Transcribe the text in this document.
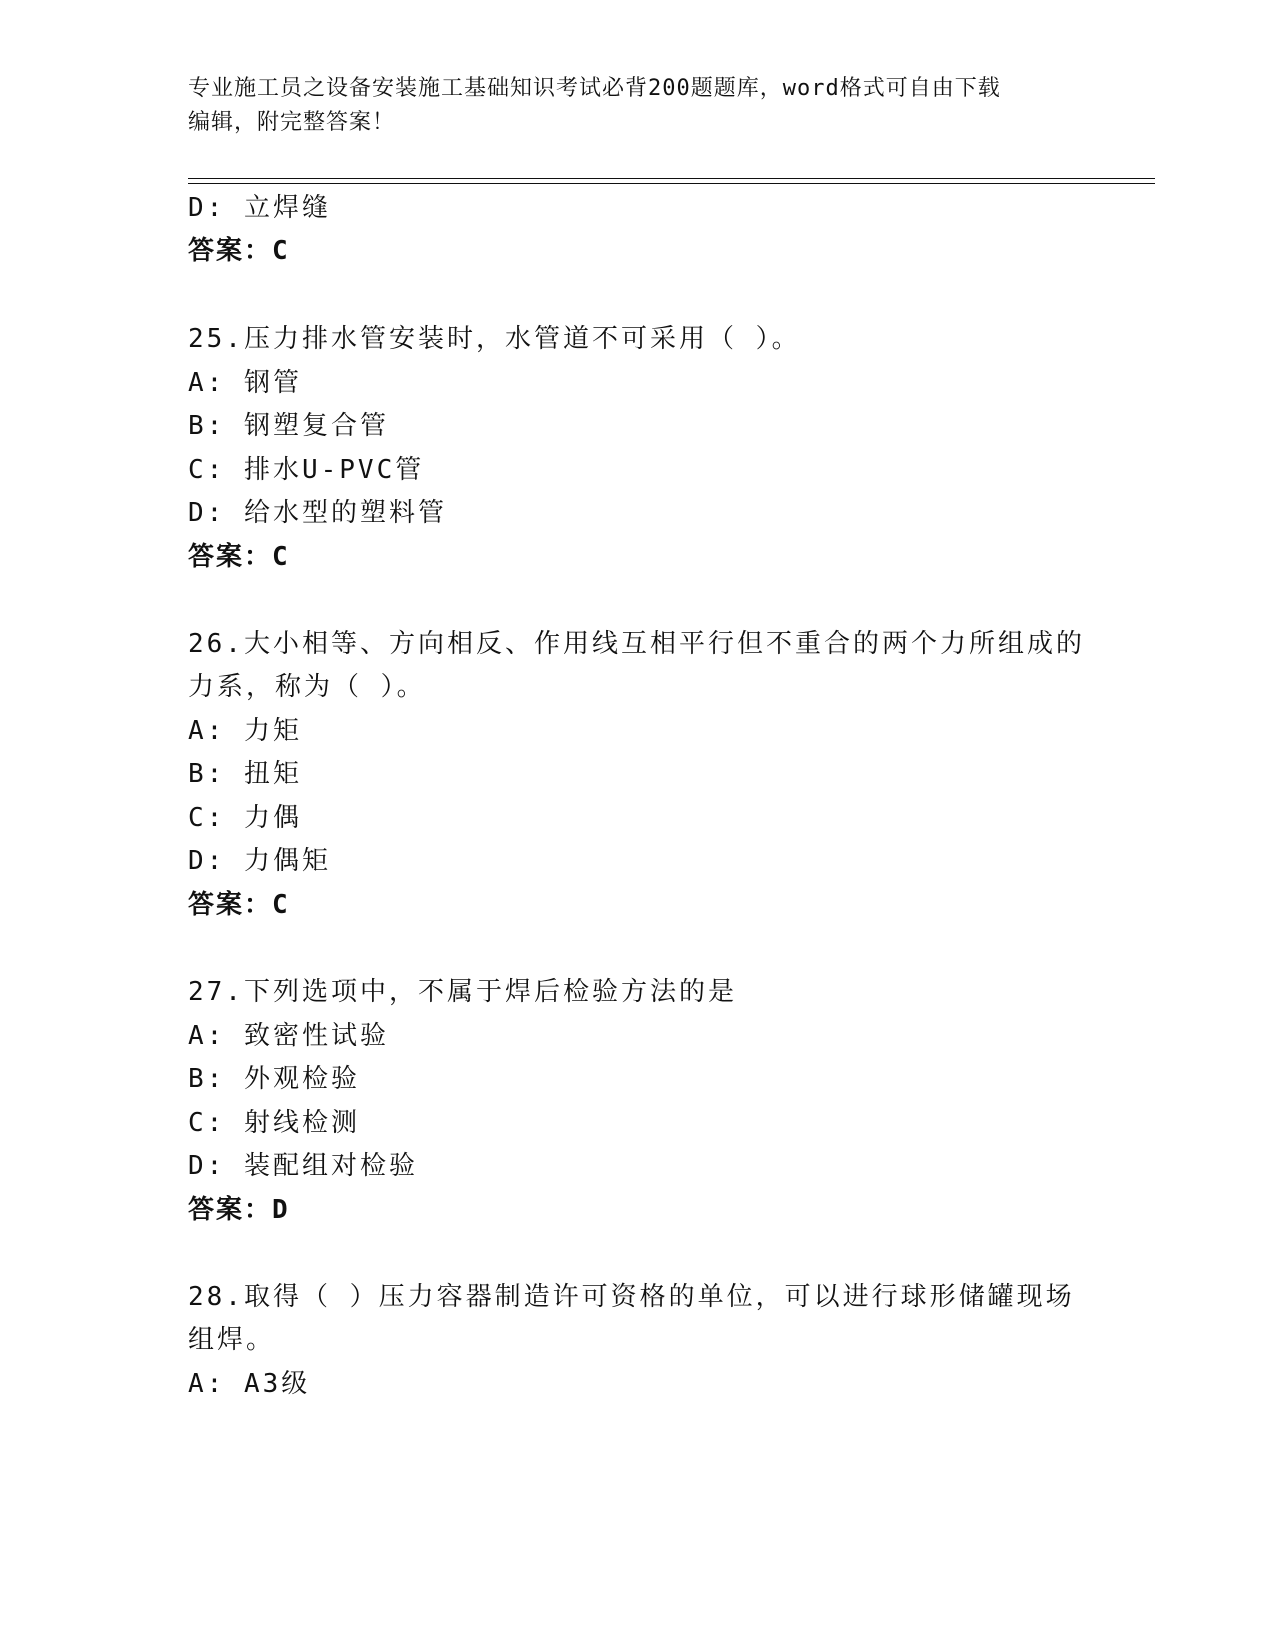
专业施工员之设备安装施工基础知识考试必背200题题库，word格式可自由下载
编辑，附完整答案！
D: 立焊缝
答案：C
25.压力排水管安装时，水管道不可采用（ ）。
A: 钢管
B: 钢塑复合管
C: 排水U-PVC管
D: 给水型的塑料管
答案：C
26.大小相等、方向相反、作用线互相平行但不重合的两个力所组成的
力系，称为（ ）。
A: 力矩
B: 扭矩
C: 力偶
D: 力偶矩
答案：C
27.下列选项中，不属于焊后检验方法的是
A: 致密性试验
B: 外观检验
C: 射线检测
D: 装配组对检验
答案：D
28.取得（ ）压力容器制造许可资格的单位，可以进行球形储罐现场
组焊。
A: A3级
